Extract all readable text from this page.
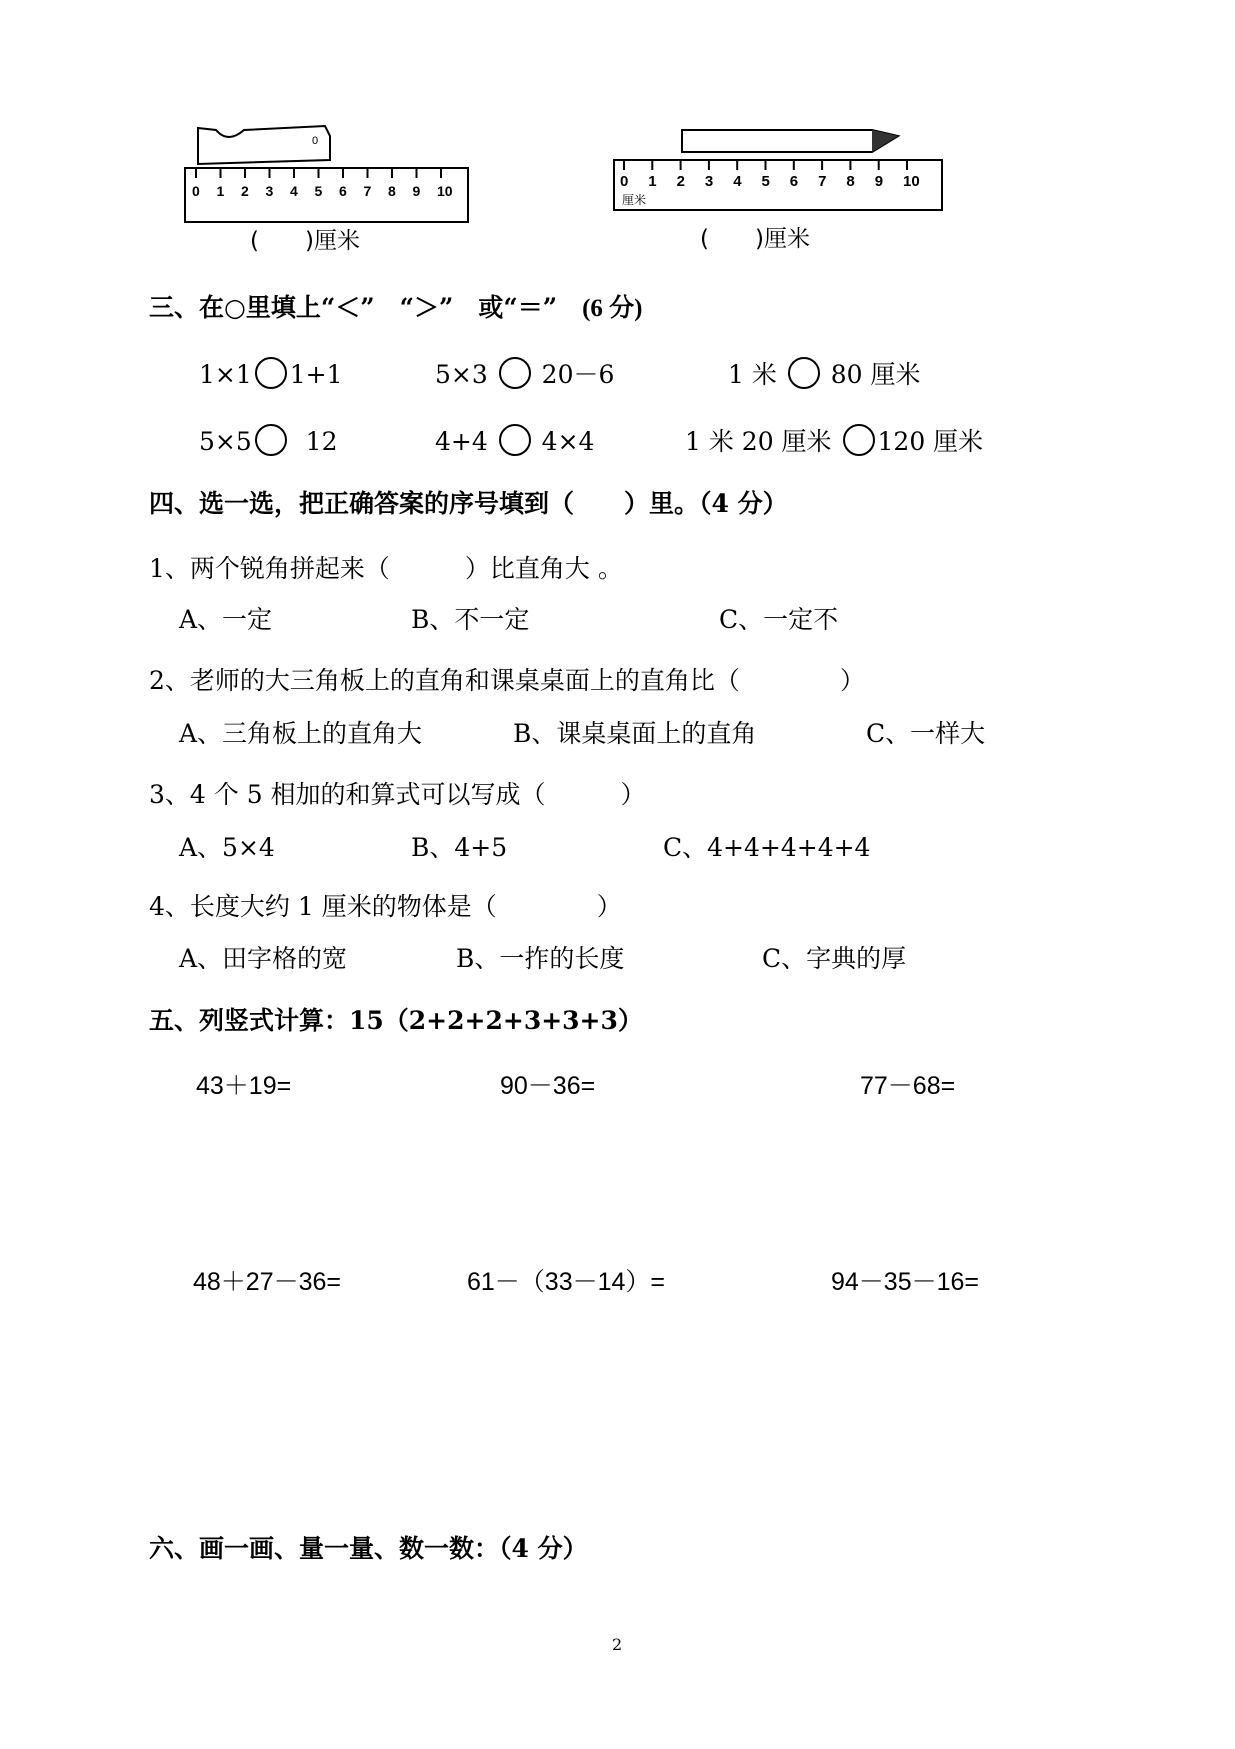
0
0 1 2 3 4 5 6 7 8 9 10
0 1 2 3 4 5 6 7 8 9 10
厘米
(　　)厘米	(　　)厘米
三、在○里填上“＜”　“＞”　或“＝”　(6 分)
1×1 1+1	5×3  20－6	1 米  80 厘米
5×5  12	4+4  4×4	1 米 20 厘米 120 厘米
四、选一选，把正确答案的序号填到（　　）里。（4 分）
1、两个锐角拼起来（　　　）比直角大 。
A、一定	B、不一定	C、一定不
2、老师的大三角板上的直角和课桌桌面上的直角比（　　　　）
A、三角板上的直角大	B、课桌桌面上的直角	C、一样大
3、4 个 5 相加的和算式可以写成（　　　）
A、5×4	B、4+5	C、4+4+4+4+4
4、长度大约 1 厘米的物体是（　　　　）
A、田字格的宽	B、一拃的长度	C、字典的厚
五、列竖式计算：15（2+2+2+3+3+3）
43＋19=	90－36=	77－68=
48＋27－36=	61－（33－14）=	94－35－16=
六、画一画、量一量、数一数：（4 分）
2
